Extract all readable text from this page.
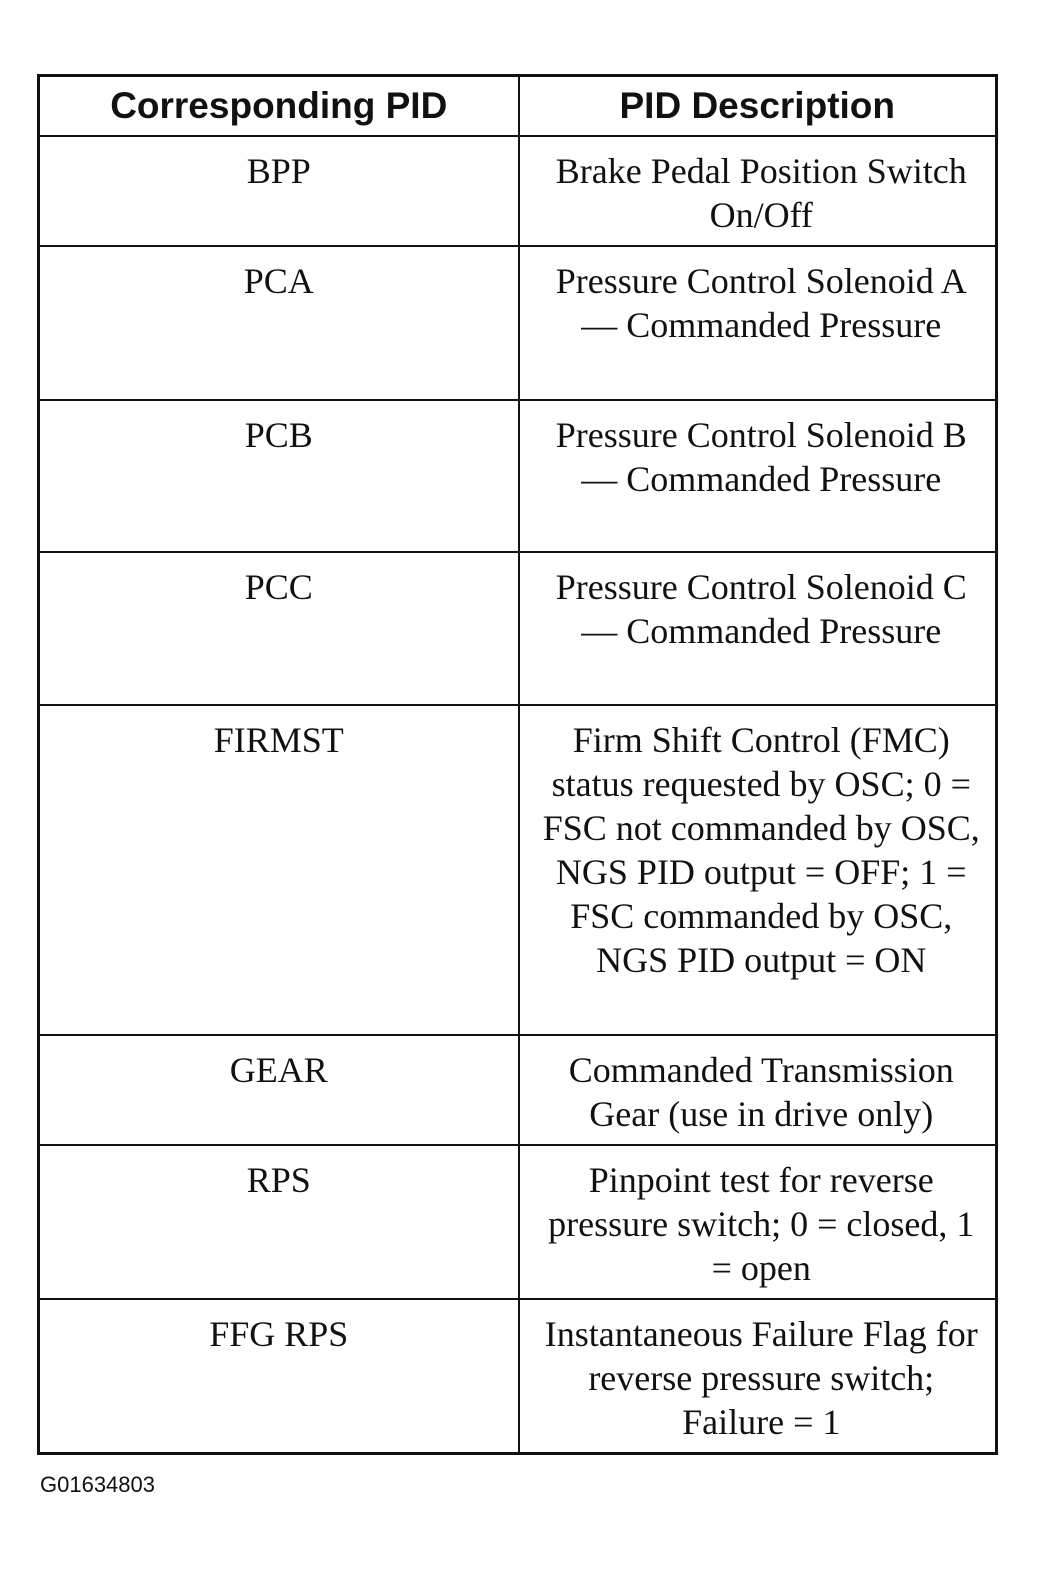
Corresponding PID	PID Description
BPP	Brake Pedal Position Switch On/Off
PCA	Pressure Control Solenoid A — Commanded Pressure
PCB	Pressure Control Solenoid B — Commanded Pressure
PCC	Pressure Control Solenoid C — Commanded Pressure
FIRMST	Firm Shift Control (FMC) status requested by OSC; 0 = FSC not commanded by OSC, NGS PID output = OFF; 1 = FSC commanded by OSC, NGS PID output = ON
GEAR	Commanded Transmission Gear (use in drive only)
RPS	Pinpoint test for reverse pressure switch; 0 = closed, 1 = open
FFG RPS	Instantaneous Failure Flag for reverse pressure switch; Failure = 1
G01634803
